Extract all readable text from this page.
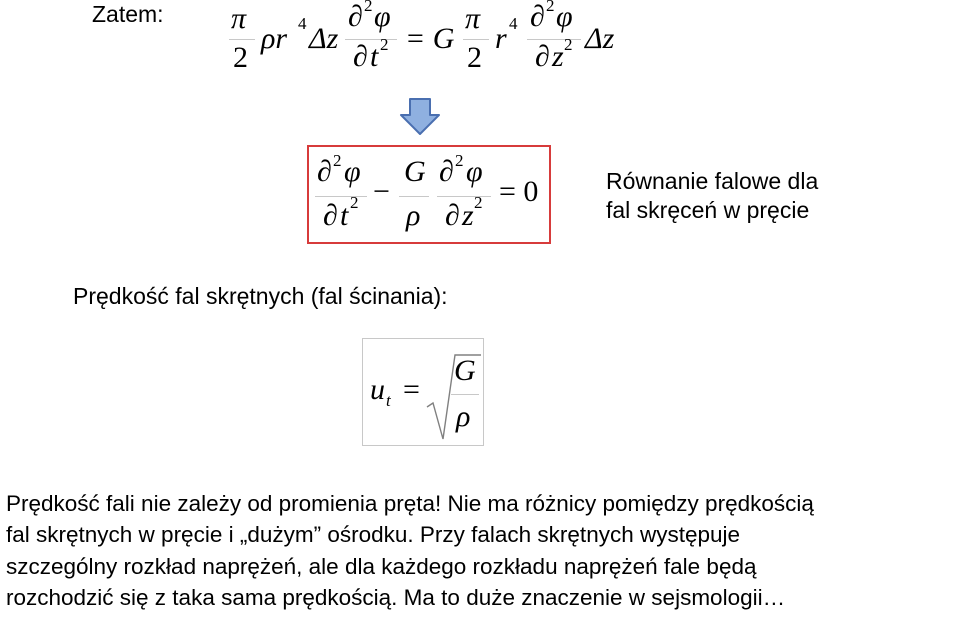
Zatem: π
2
ρr 4 Δz
∂ 2 φ
∂ t 2 = G
π
2
r 4 ∂ 2 φ
∂ z 2 Δz
∂ 2 φ
∂ t 2 −
G
ρ
∂ 2 φ
∂ z 2 = 0	Równanie falowe dla
fal skręceń w pręcie
Prędkość fal skrętnych (fal ścinania):
u t =
G
ρ
Prędkość fali nie zależy od promienia pręta! Nie ma różnicy pomiędzy prędkością
fal skrętnych w pręcie i „dużym” ośrodku. Przy falach skrętnych występuje
szczególny rozkład naprężeń, ale dla każdego rozkładu naprężeń fale będą
rozchodzić się z taka sama prędkością. Ma to duże znaczenie w sejsmologii…
